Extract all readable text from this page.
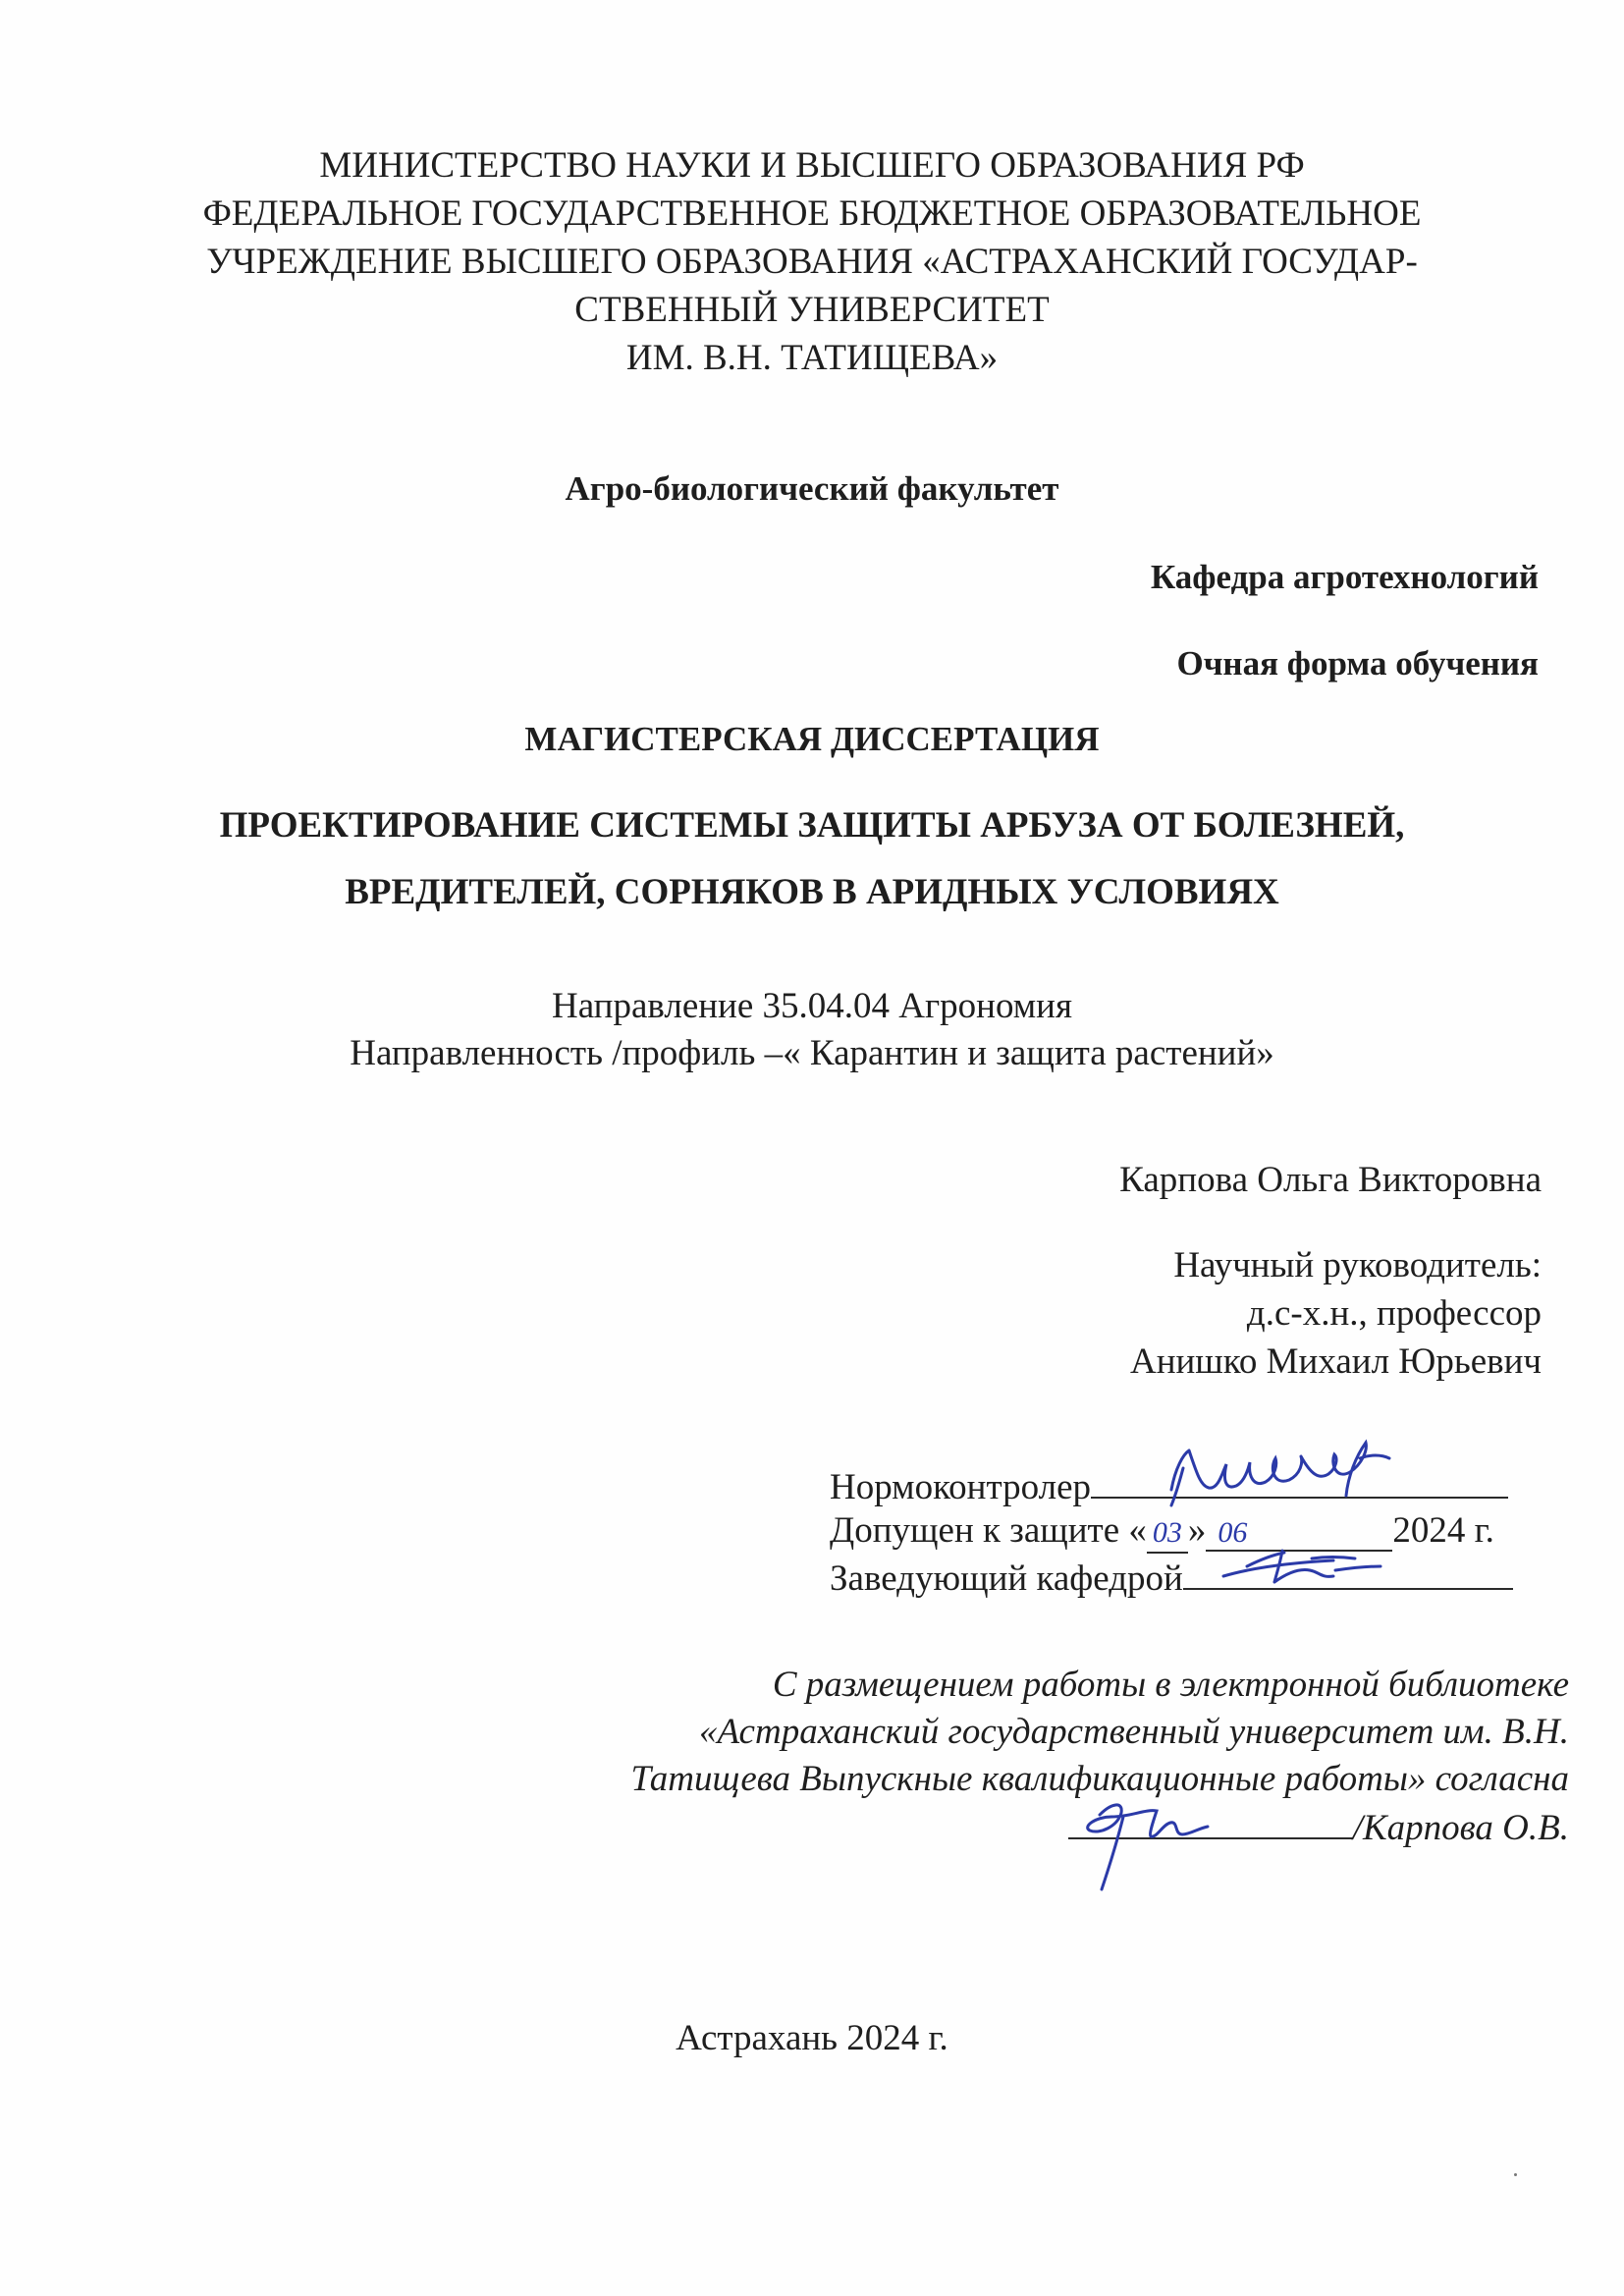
МИНИСТЕРСТВО НАУКИ И ВЫСШЕГО ОБРАЗОВАНИЯ РФ
ФЕДЕРАЛЬНОЕ ГОСУДАРСТВЕННОЕ БЮДЖЕТНОЕ ОБРАЗОВАТЕЛЬНОЕ
УЧРЕЖДЕНИЕ ВЫСШЕГО ОБРАЗОВАНИЯ «АСТРАХАНСКИЙ ГОСУДАР-
СТВЕННЫЙ УНИВЕРСИТЕТ
ИМ. В.Н. ТАТИЩЕВА»
Агро-биологический факультет
Кафедра агротехнологий
Очная форма обучения
МАГИСТЕРСКАЯ ДИССЕРТАЦИЯ
ПРОЕКТИРОВАНИЕ СИСТЕМЫ ЗАЩИТЫ АРБУЗА ОТ БОЛЕЗНЕЙ,
ВРЕДИТЕЛЕЙ, СОРНЯКОВ В АРИДНЫХ УСЛОВИЯХ
Направление 35.04.04 Агрономия
Направленность /профиль –« Карантин и защита растений»
Карпова Ольга Викторовна
Научный руководитель:
д.с-х.н., профессор
Анишко Михаил Юрьевич
Нормоконтролер
Допущен к защите « 03 » 06	2024 г.
Заведующий кафедрой
С размещением работы в электронной библиотеке
«Астраханский государственный университет им. В.Н.
Татищева Выпускные квалификационные работы» согласна
/Карпова О.В.
Астрахань 2024 г.
